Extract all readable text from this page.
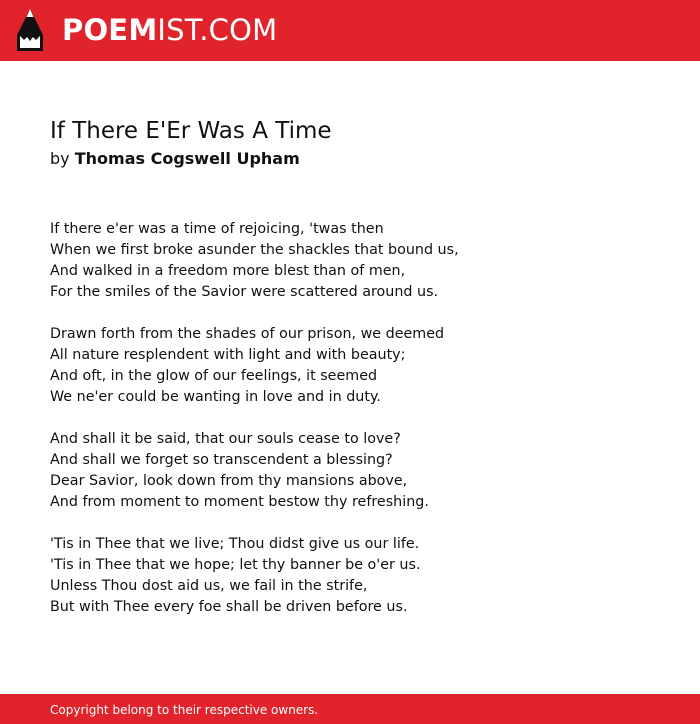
POEMIST.COM
If There E'Er Was A Time
by Thomas Cogswell Upham
If there e'er was a time of rejoicing, 'twas then
When we first broke asunder the shackles that bound us,
And walked in a freedom more blest than of men,
For the smiles of the Savior were scattered around us.
Drawn forth from the shades of our prison, we deemed
All nature resplendent with light and with beauty;
And oft, in the glow of our feelings, it seemed
We ne'er could be wanting in love and in duty.
And shall it be said, that our souls cease to love?
And shall we forget so transcendent a blessing?
Dear Savior, look down from thy mansions above,
And from moment to moment bestow thy refreshing.
'Tis in Thee that we live; Thou didst give us our life.
'Tis in Thee that we hope; let thy banner be o'er us.
Unless Thou dost aid us, we fail in the strife,
But with Thee every foe shall be driven before us.
Copyright belong to their respective owners.
